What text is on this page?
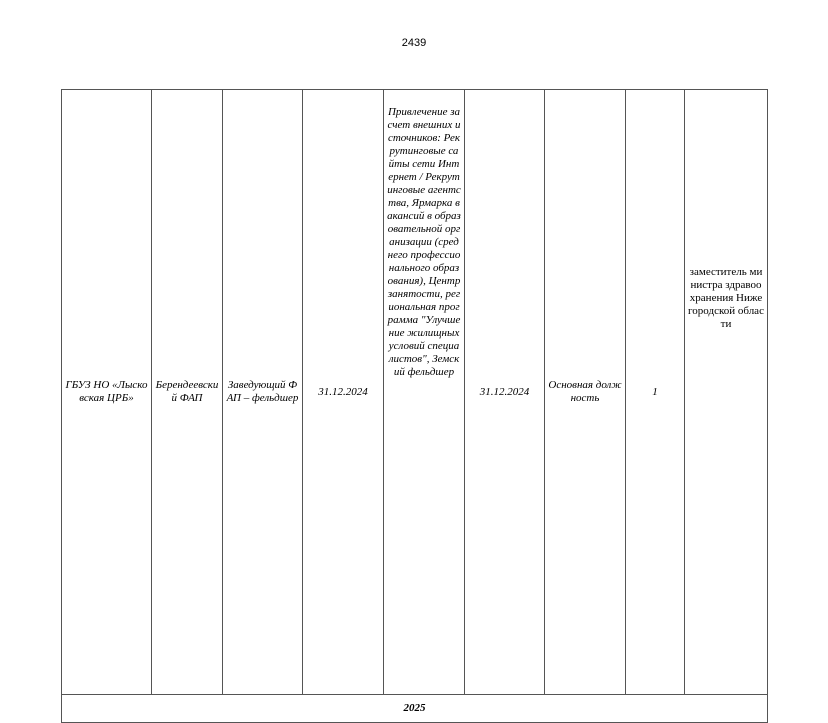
2439
ГБУЗ НО «Лысковская ЦРБ»	Берендеевский ФАП	Заведующий ФАП – фельдшер	31.12.2024	Привлечение за счет внешних источников: Рекрутинговые сайты сети Интернет / Рекрутинговые агентства, Ярмарка вакансий в образовательной организации (среднего профессионального образования), Центр занятости, региональная программа "Улучшение жилищных условий специалистов", Земский фельдшер	31.12.2024	Основная должность	1	заместитель министра здравоохранения Нижегородской области
2025
